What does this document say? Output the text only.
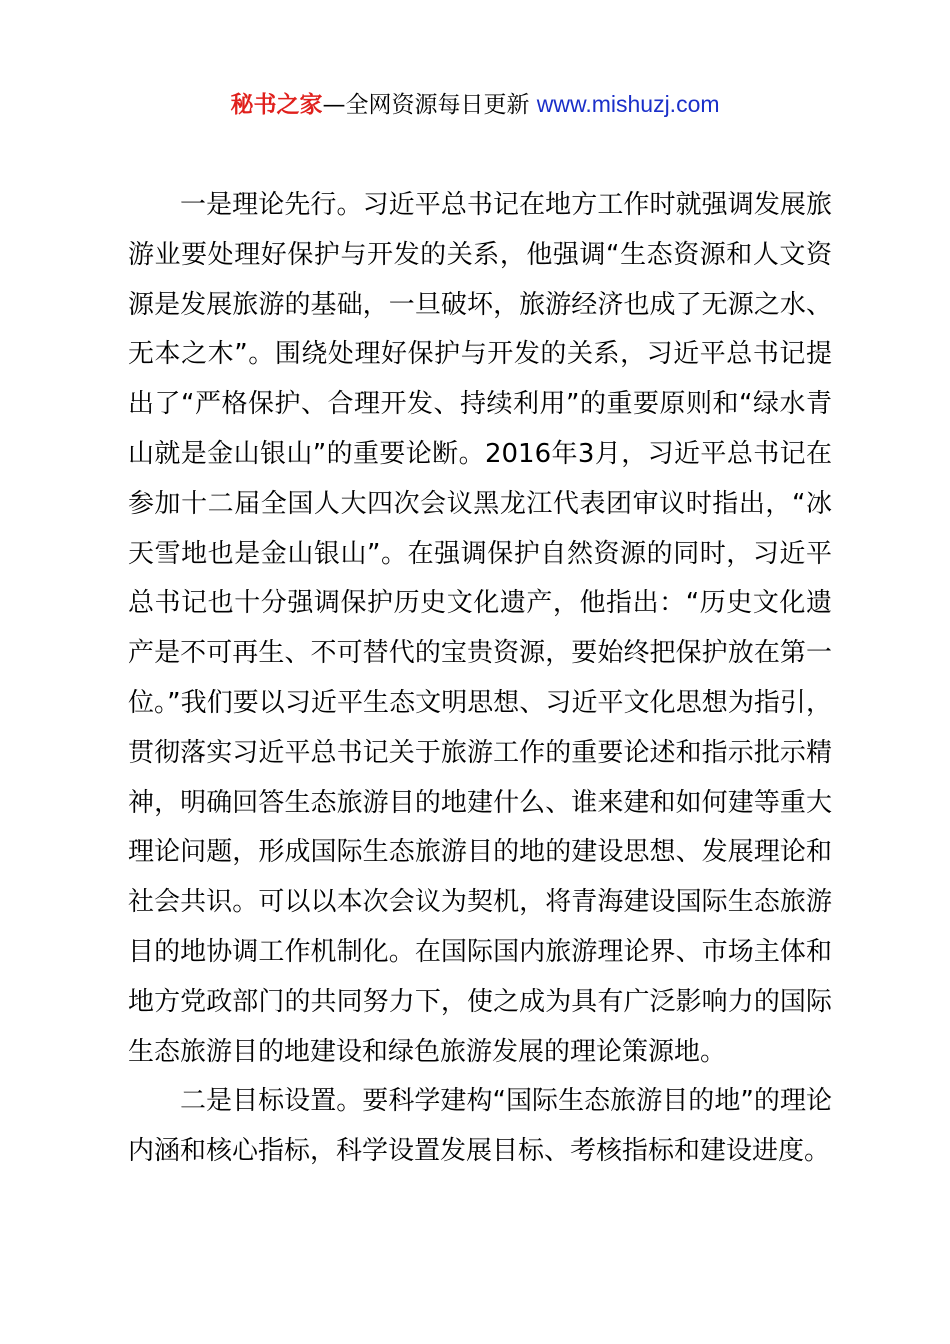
秘书之家—全网资源每日更新 www.mishuzj.com

一是理论先行。习近平总书记在地方工作时就强调发展旅游业要处理好保护与开发的关系，他强调“生态资源和人文资源是发展旅游的基础，一旦破坏，旅游经济也成了无源之水、无本之木”。围绕处理好保护与开发的关系，习近平总书记提出了“严格保护、合理开发、持续利用”的重要原则和“绿水青山就是金山银山”的重要论断。2016年3月，习近平总书记在参加十二届全国人大四次会议黑龙江代表团审议时指出，“冰天雪地也是金山银山”。在强调保护自然资源的同时，习近平总书记也十分强调保护历史文化遗产，他指出：“历史文化遗产是不可再生、不可替代的宝贵资源，要始终把保护放在第一位。”我们要以习近平生态文明思想、习近平文化思想为指引，贯彻落实习近平总书记关于旅游工作的重要论述和指示批示精神，明确回答生态旅游目的地建什么、谁来建和如何建等重大理论问题，形成国际生态旅游目的地的建设思想、发展理论和社会共识。可以以本次会议为契机，将青海建设国际生态旅游目的地协调工作机制化。在国际国内旅游理论界、市场主体和地方党政部门的共同努力下，使之成为具有广泛影响力的国际生态旅游目的地建设和绿色旅游发展的理论策源地。

二是目标设置。要科学建构“国际生态旅游目的地”的理论内涵和核心指标，科学设置发展目标、考核指标和建设进度。
